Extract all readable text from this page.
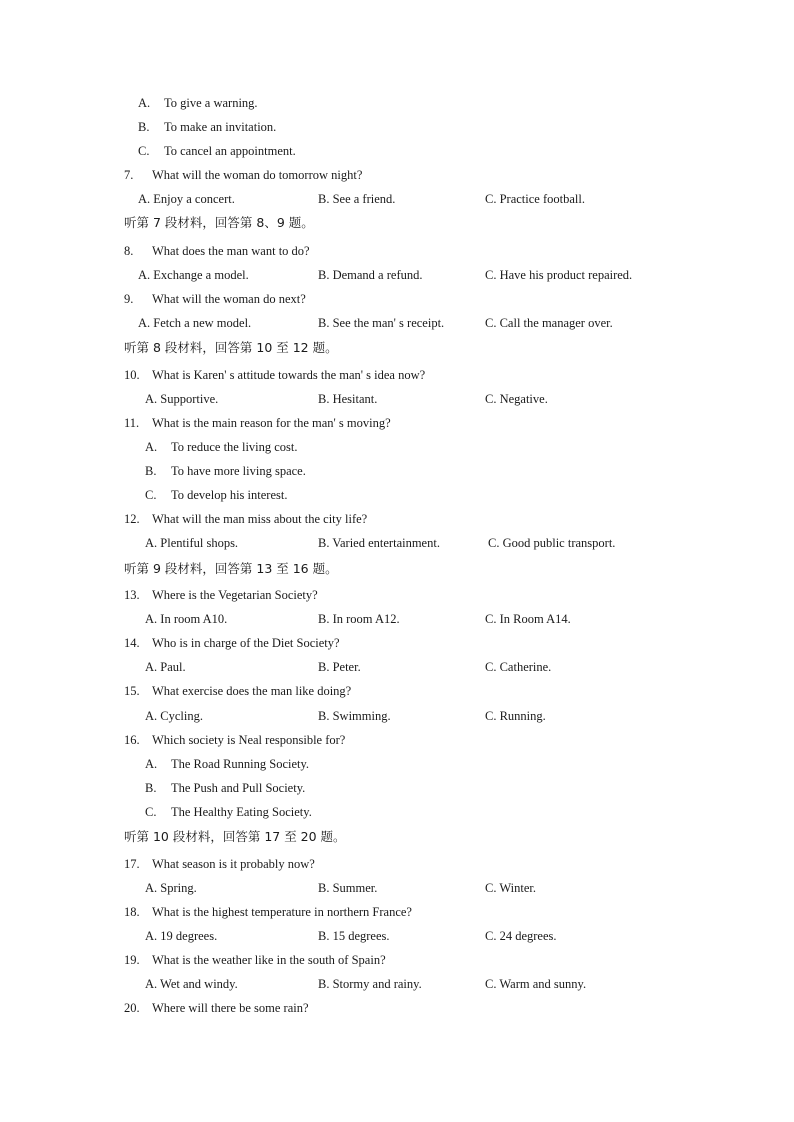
A. To give a warning.
B. To make an invitation.
C. To cancel an appointment.
7. What will the woman do tomorrow night?
A. Enjoy a concert.	B. See a friend.	C. Practice football.
听第 7 段材料，回答第 8、9 题。
8. What does the man want to do?
A. Exchange a model.	B. Demand a refund.	C. Have his product repaired.
9. What will the woman do next?
A. Fetch a new model.	B. See the man' s receipt.	C. Call the manager over.
听第 8 段材料，回答第 10 至 12 题。
10. What is Karen' s attitude towards the man' s idea now?
A. Supportive.	B. Hesitant.	C. Negative.
11. What is the main reason for the man' s moving?
A. To reduce the living cost.
B. To have more living space.
C. To develop his interest.
12. What will the man miss about the city life?
A. Plentiful shops.	B. Varied entertainment.	C. Good public transport.
听第 9 段材料，回答第 13 至 16 题。
13. Where is the Vegetarian Society?
A. In room A10.	B. In room A12.	C. In Room A14.
14. Who is in charge of the Diet Society?
A. Paul.	B. Peter.	C. Catherine.
15. What exercise does the man like doing?
A. Cycling.	B. Swimming.	C. Running.
16. Which society is Neal responsible for?
A. The Road Running Society.
B. The Push and Pull Society.
C. The Healthy Eating Society.
听第 10 段材料，回答第 17 至 20 题。
17. What season is it probably now?
A. Spring.	B. Summer.	C. Winter.
18. What is the highest temperature in northern France?
A. 19 degrees.	B. 15 degrees.	C. 24 degrees.
19. What is the weather like in the south of Spain?
A. Wet and windy.	B. Stormy and rainy.	C. Warm and sunny.
20. Where will there be some rain?
